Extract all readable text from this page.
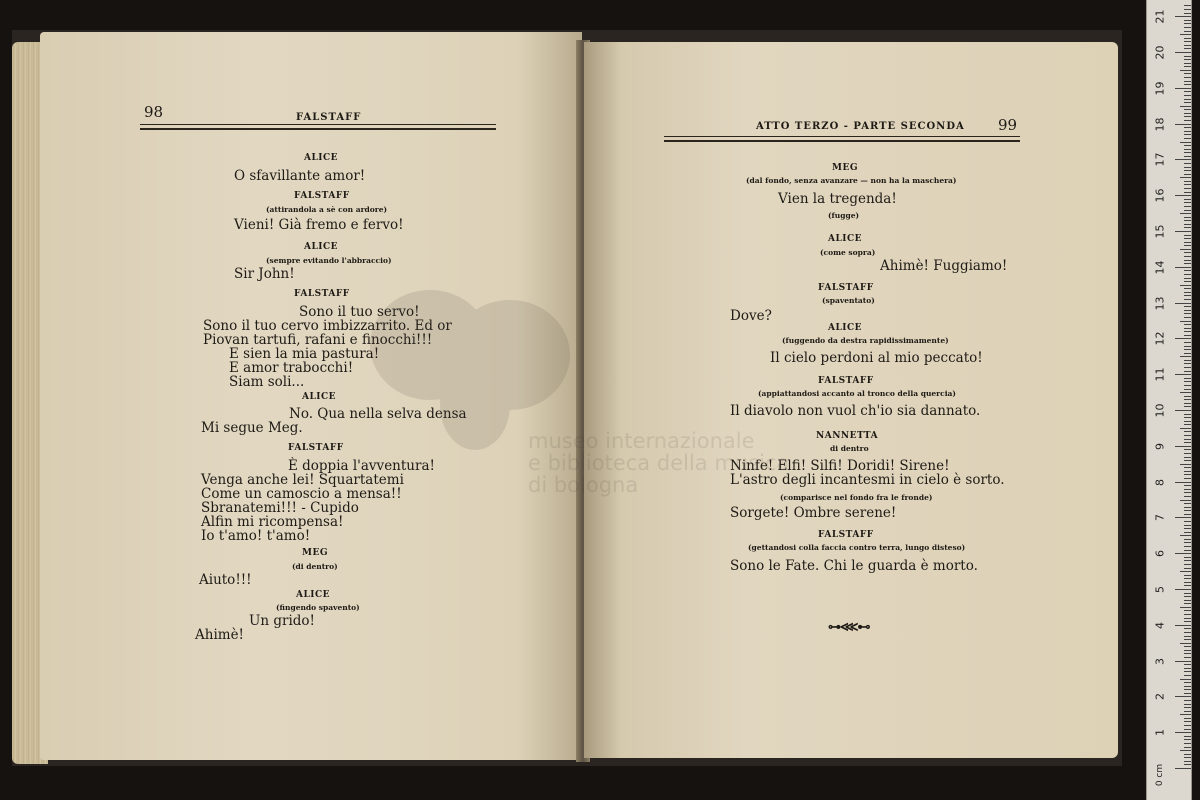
98	FALSTAFF
ALICE
O sfavillante amor!
FALSTAFF
(attirandola a sè con ardore)
Vieni! Già fremo e fervo!
ALICE
(sempre evitando l'abbraccio)
Sir John!
FALSTAFF
Sono il tuo servo!
Sono il tuo cervo imbizzarrito. Ed or
Piovan tartufi, rafani e finocchi!!!
E sien la mia pastura!
E amor trabocchi!
Siam soli...
ALICE
No. Qua nella selva densa
Mi segue Meg.
FALSTAFF
È doppia l'avventura!
Venga anche lei! Squartatemi
Come un camoscio a mensa!!
Sbranatemi!!! - Cupido
Alfin mi ricompensa!
Io t'amo! t'amo!
MEG
(di dentro)
Aiuto!!!
ALICE
(fingendo spavento)
Un grido!
Ahimè!
ATTO TERZO - PARTE SECONDA 99
MEG
(dal fondo, senza avanzare — non ha la maschera)
Vien la tregenda!
(fugge)
ALICE
(come sopra)
Ahimè! Fuggiamo!
FALSTAFF
(spaventato)
Dove?
ALICE
(fuggendo da destra rapidissimamente)
Il cielo perdoni al mio peccato!
FALSTAFF
(appiattandosi accanto al tronco della quercia)
Il diavolo non vuol ch'io sia dannato.
NANNETTA
di dentro
Ninfe! Elfi! Silfi! Doridi! Sirene!
L'astro degli incantesmi in cielo è sorto.
(comparisce nel fondo fra le fronde)
Sorgete! Ombre serene!
FALSTAFF
(gettandosi colla faccia contro terra, lungo disteso)
Sono le Fate. Chi le guarda è morto.
⊶⋘⊷
0 cm
1
2
3
4
5
6
7
8
9
10
11
12
13
14
15
16
17
18
19
20
21
